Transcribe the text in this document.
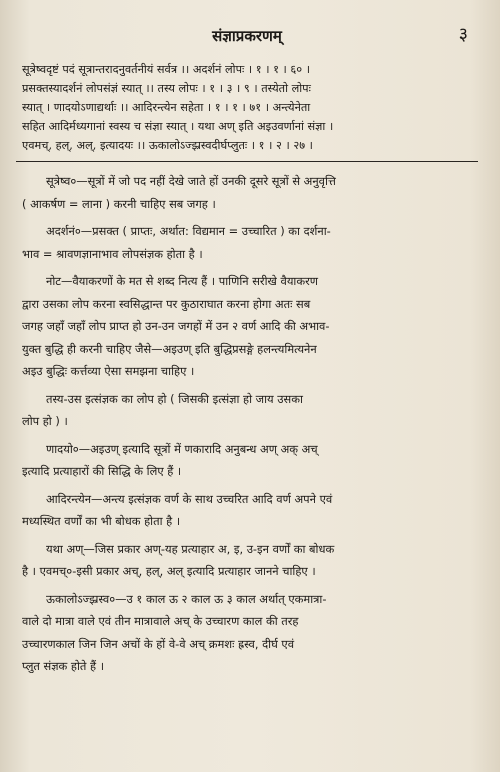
संज्ञाप्रकरणम्	३

सूत्रेष्वदृष्टं पदं सूत्रान्तरादनुवर्तनीयं सर्वत्र ।। अदर्शनं लोपः । १ । १ । ६० ।

प्रसक्तस्यादर्शनं लोपसंज्ञं स्यात् ।। तस्य लोपः । १ । ३ । ९ । तस्येतो लोपः

स्यात् । णादयोऽणाद्यर्थाः ।। आदिरन्त्येन सहेता । १ । १ । ७१ । अन्त्येनेता

सहित आदिर्मध्यगानां स्वस्य च संज्ञा स्यात् । यथा अण् इति अइउवर्णानां संज्ञा ।

एवमच्, हल्, अल्, इत्यादयः ।। ऊकालोऽज्झ्रस्वदीर्घप्लुतः । १ । २ । २७ ।

सूत्रेष्व०—सूत्रों में जो पद नहीं देखे जाते हों उनकी दूसरे सूत्रों से अनुवृत्ति
( आकर्षण = लाना ) करनी चाहिए सब जगह ।

अदर्शनं०—प्रसक्त ( प्राप्तः, अर्थात: विद्यमान = उच्चारित ) का दर्शना-
भाव = श्रावणज्ञानाभाव लोपसंज्ञक होता है ।

नोट—वैयाकरणों के मत से शब्द नित्य हैं । पाणिनि सरीखे वैयाकरण
द्वारा उसका लोप करना स्वसिद्धान्त पर कुठाराघात करना होगा अतः सब
जगह जहाँ जहाँ लोप प्राप्त हो उन-उन जगहों में उन २ वर्ण आदि की अभाव-
युक्त बुद्धि ही करनी चाहिए जैसे—अइउण् इति बुद्धिप्रसङ्गे हलन्त्यमित्यनेन
अइउ बुद्धिः कर्त्तव्या ऐसा समझना चाहिए ।

तस्य-उस इत्संज्ञक का लोप हो ( जिसकी इत्संज्ञा हो जाय उसका
लोप हो ) ।

णादयो०—अइउण् इत्यादि सूत्रों में णकारादि अनुबन्ध अण् अक् अच्
इत्यादि प्रत्याहारों की सिद्धि के लिए हैं ।

आदिरन्त्येन—अन्त्य इत्संज्ञक वर्ण के साथ उच्चरित आदि वर्ण अपने एवं
मध्यस्थित वर्णों का भी बोधक होता है ।

यथा अण्—जिस प्रकार अण्-यह प्रत्याहार अ, इ, उ-इन वर्णों का बोधक
है । एवमच्०-इसी प्रकार अच्, हल्, अल् इत्यादि प्रत्याहार जानने चाहिए ।

ऊकालोऽज्झ्रस्व०—उ १ काल ऊ २ काल ऊ ३ काल अर्थात् एकमात्रा-
वाले दो मात्रा वाले एवं तीन मात्रावाले अच् के उच्चारण काल की तरह
उच्चारणकाल जिन जिन अचों के हों वे-वे अच् क्रमशः ह्रस्व, दीर्घ एवं
प्लुत संज्ञक होते हैं ।
